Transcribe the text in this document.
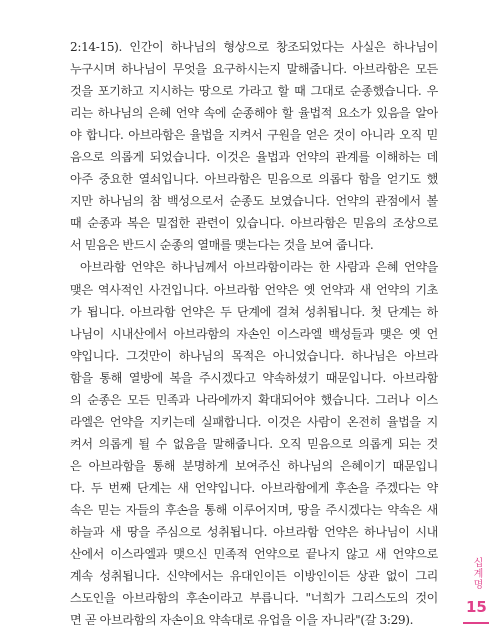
2:14-15). 인간이 하나님의 형상으로 창조되었다는 사실은 하나님이
누구시며 하나님이 무엇을 요구하시는지 말해줍니다. 아브라함은 모든
것을 포기하고 지시하는 땅으로 가라고 할 때 그대로 순종했습니다. 우
리는 하나님의 은혜 언약 속에 순종해야 할 율법적 요소가 있음을 알아
야 합니다. 아브라함은 율법을 지켜서 구원을 얻은 것이 아니라 오직 믿
음으로 의롭게 되었습니다. 이것은 율법과 언약의 관계를 이해하는 데
아주 중요한 열쇠입니다. 아브라함은 믿음으로 의롭다 함을 얻기도 했
지만 하나님의 참 백성으로서 순종도 보였습니다. 언약의 관점에서 볼
때 순종과 복은 밀접한 관련이 있습니다. 아브라함은 믿음의 조상으로
서 믿음은 반드시 순종의 열매를 맺는다는 것을 보여 줍니다.

아브라함 언약은 하나님께서 아브라함이라는 한 사람과 은혜 언약을
맺은 역사적인 사건입니다. 아브라함 언약은 옛 언약과 새 언약의 기초
가 됩니다. 아브라함 언약은 두 단계에 걸쳐 성취됩니다. 첫 단계는 하
나님이 시내산에서 아브라함의 자손인 이스라엘 백성들과 맺은 옛 언
약입니다. 그것만이 하나님의 목적은 아니었습니다. 하나님은 아브라
함을 통해 열방에 복을 주시겠다고 약속하셨기 때문입니다. 아브라함
의 순종은 모든 민족과 나라에까지 확대되어야 했습니다. 그러나 이스
라엘은 언약을 지키는데 실패합니다. 이것은 사람이 온전히 율법을 지
켜서 의롭게 될 수 없음을 말해줍니다. 오직 믿음으로 의롭게 되는 것
은 아브라함을 통해 분명하게 보여주신 하나님의 은혜이기 때문입니
다. 두 번째 단계는 새 언약입니다. 아브라함에게 후손을 주겠다는 약
속은 믿는 자들의 후손을 통해 이루어지며, 땅을 주시겠다는 약속은 새
하늘과 새 땅을 주심으로 성취됩니다. 아브라함 언약은 하나님이 시내
산에서 이스라엘과 맺으신 민족적 언약으로 끝나지 않고 새 언약으로
계속 성취됩니다. 신약에서는 유대인이든 이방인이든 상관 없이 그리
스도인을 아브라함의 후손이라고 부릅니다. "너희가 그리스도의 것이
면 곧 아브라함의 자손이요 약속대로 유업을 이을 자니라"(갈 3:29).

십계명
15
